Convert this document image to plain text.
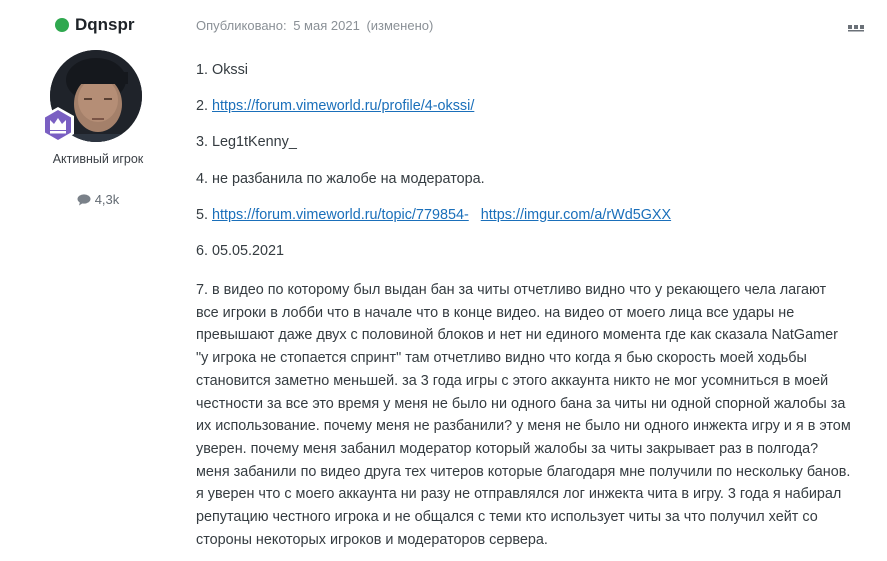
Dqnspr
Активный игрок
4,3k
Опубликовано: 5 мая 2021 (изменено)
1. Okssi
2. https://forum.vimeworld.ru/profile/4-okssi/
3. Leg1tKenny_
4. не разбанила по жалобе на модератора.
5. https://forum.vimeworld.ru/topic/779854- https://imgur.com/a/rWd5GXX
6. 05.05.2021
7. в видео по которому был выдан бан за читы отчетливо видно что у рекающего чела лагают
все игроки в лобби что в начале что в конце видео. на видео от моего лица все удары не
превышают даже двух с половиной блоков и нет ни единого момента где как сказала NatGamer
"у игрока не стопается спринт" там отчетливо видно что когда я бью скорость моей ходьбы
становится заметно меньшей. за 3 года игры с этого аккаунта никто не мог усомниться в моей
честности за все это время у меня не было ни одного бана за читы ни одной спорной жалобы за
их использование. почему меня не разбанили? у меня не было ни одного инжекта игру и я в этом
уверен. почему меня забанил модератор который жалобы за читы закрывает раз в полгода?
меня забанили по видео друга тех читеров которые благодаря мне получили по нескольку банов.
я уверен что с моего аккаунта ни разу не отправлялся лог инжекта чита в игру. 3 года я набирал
репутацию честного игрока и не общался с теми кто использует читы за что получил хейт со
стороны некоторых игроков и модераторов сервера.
